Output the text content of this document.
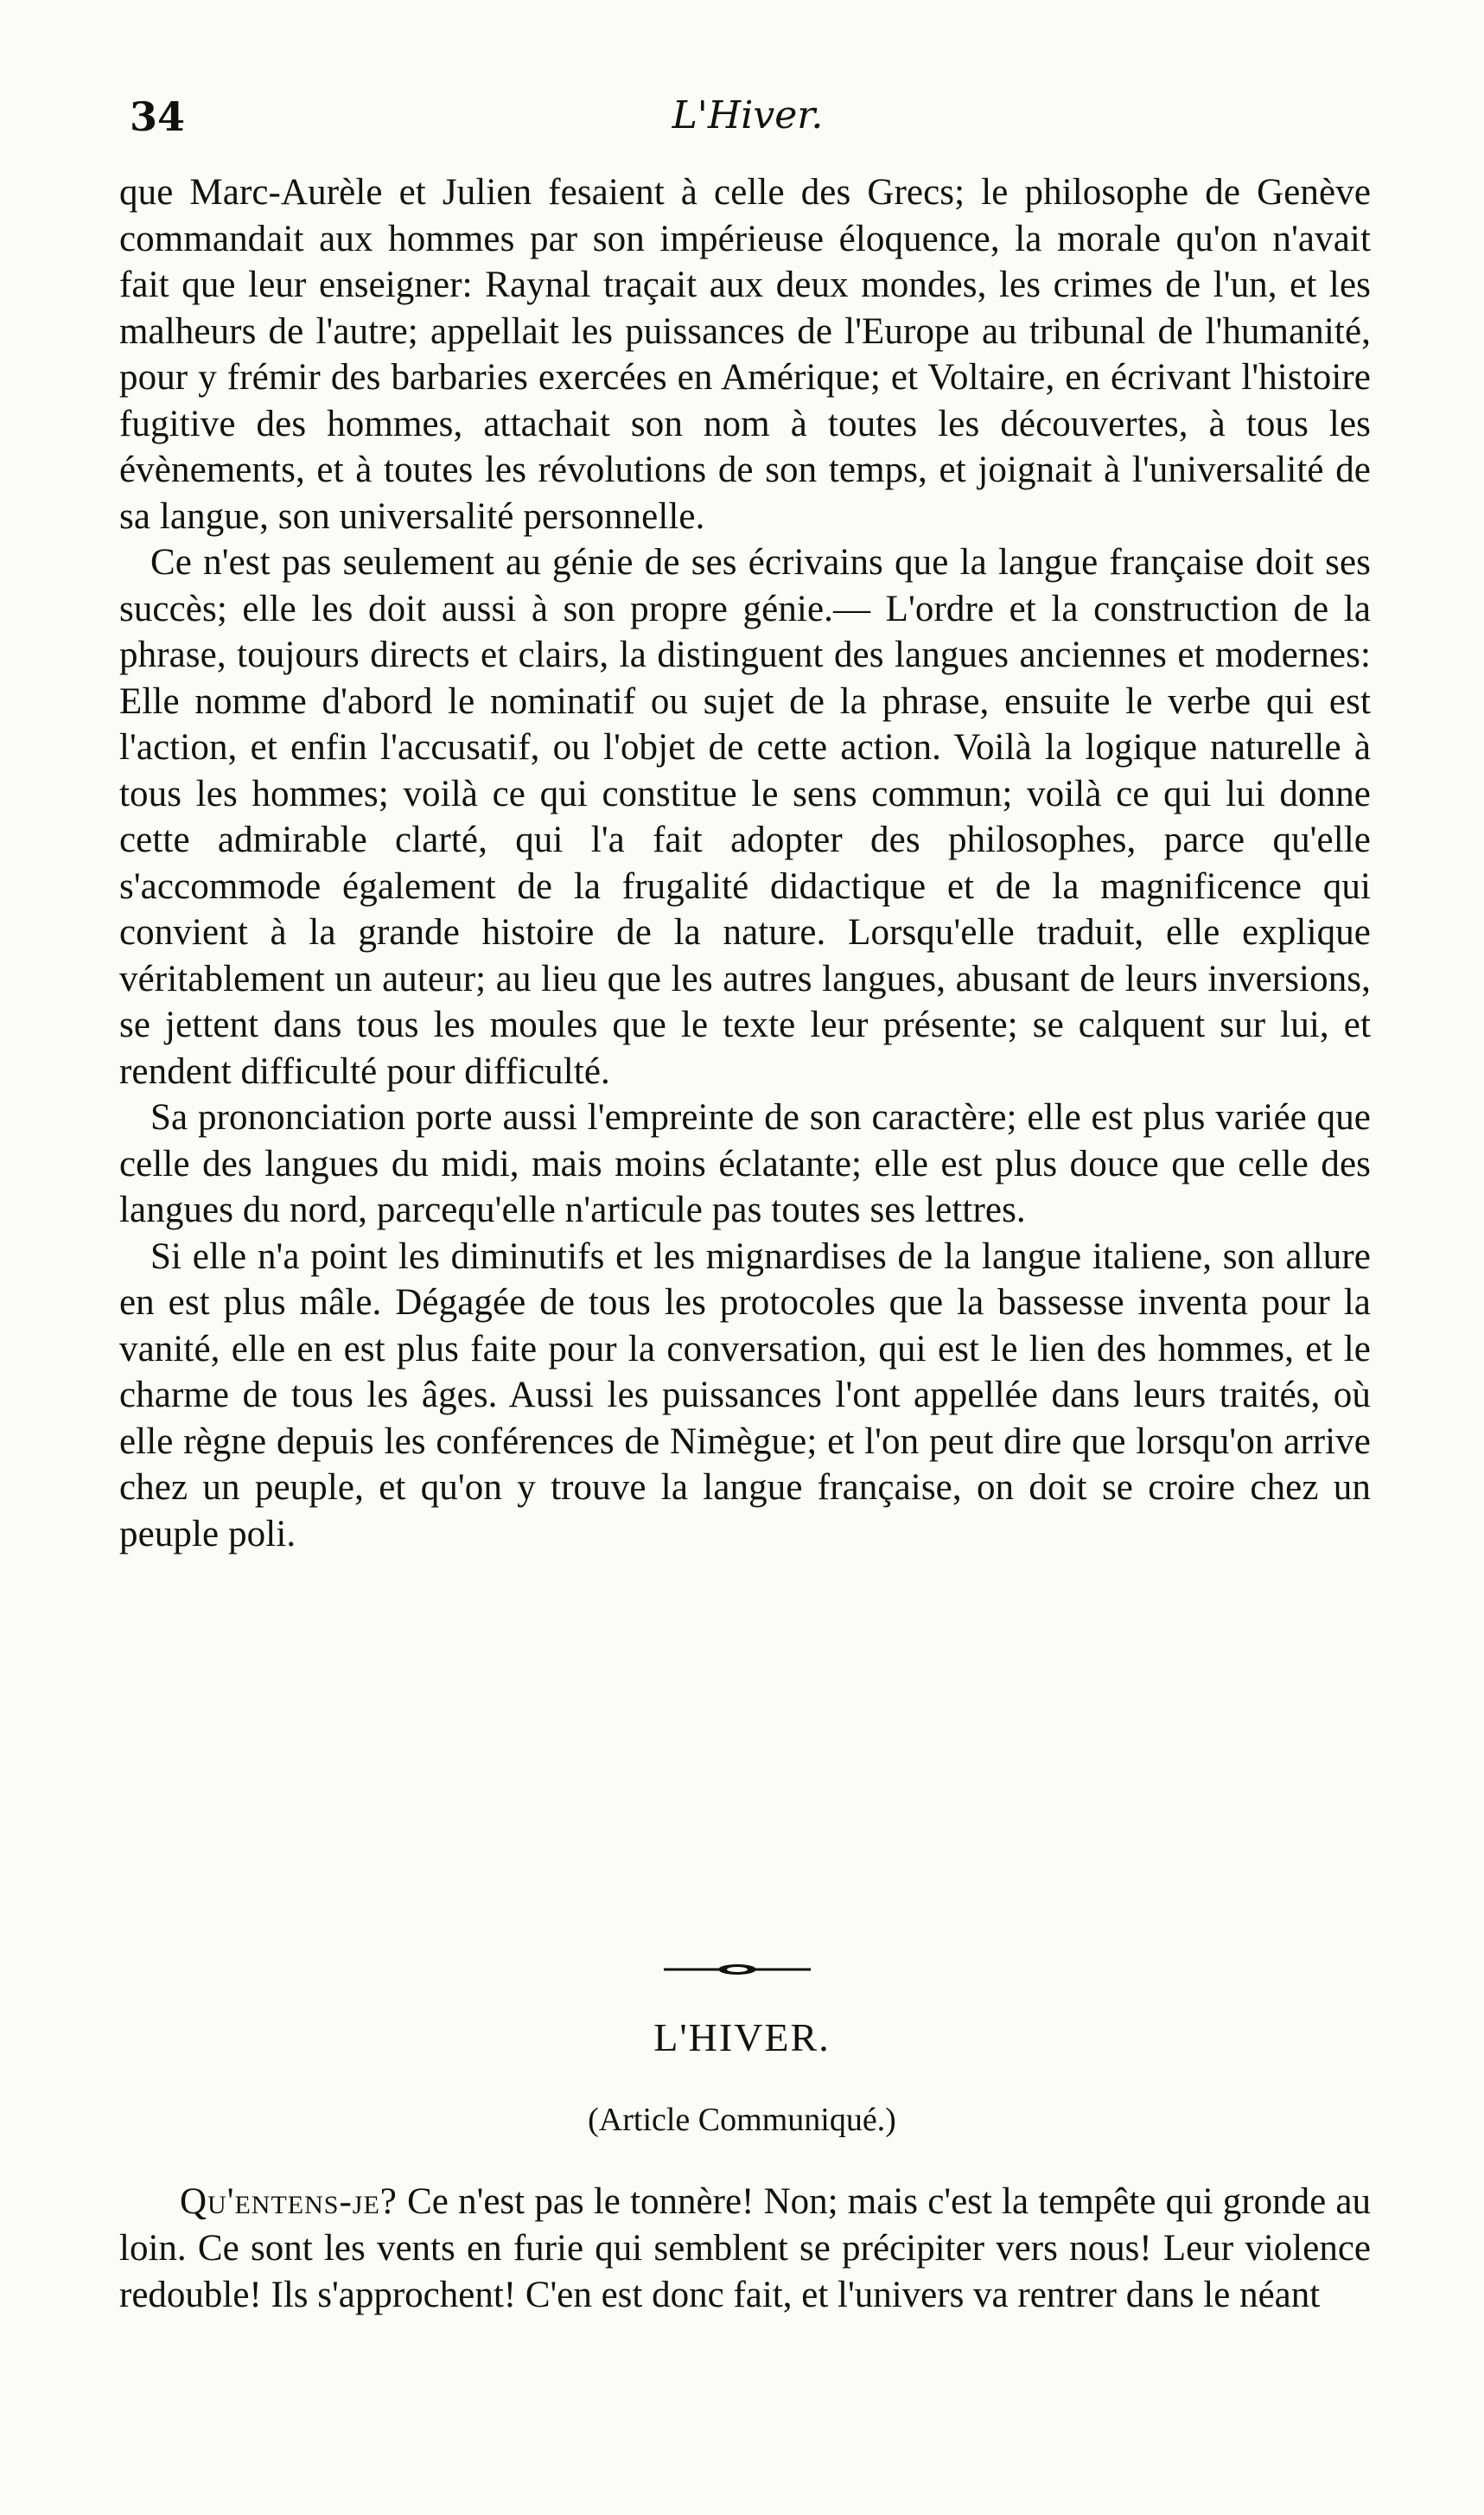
34	L'Hiver.

que Marc-Aurèle et Julien fesaient à celle des Grecs; le philosophe de Genève commandait aux hommes par son impérieuse éloquence, la morale qu'on n'avait fait que leur enseigner: Raynal traçait aux deux mondes, les crimes de l'un, et les malheurs de l'autre; appellait les puissances de l'Europe au tribunal de l'humanité, pour y frémir des barbaries exercées en Amérique; et Voltaire, en écrivant l'histoire fugitive des hommes, attachait son nom à toutes les découvertes, à tous les évènements, et à toutes les révolutions de son temps, et joignait à l'universalité de sa langue, son universalité personnelle.

Ce n'est pas seulement au génie de ses écrivains que la langue française doit ses succès; elle les doit aussi à son propre génie.— L'ordre et la construction de la phrase, toujours directs et clairs, la distinguent des langues anciennes et modernes: Elle nomme d'abord le nominatif ou sujet de la phrase, ensuite le verbe qui est l'action, et enfin l'accusatif, ou l'objet de cette action. Voilà la logique naturelle à tous les hommes; voilà ce qui constitue le sens commun; voilà ce qui lui donne cette admirable clarté, qui l'a fait adopter des philosophes, parce qu'elle s'accommode également de la frugalité didactique et de la magnificence qui convient à la grande histoire de la nature. Lorsqu'elle traduit, elle explique véritablement un auteur; au lieu que les autres langues, abusant de leurs inversions, se jettent dans tous les moules que le texte leur présente; se calquent sur lui, et rendent difficulté pour difficulté.

Sa prononciation porte aussi l'empreinte de son caractère; elle est plus variée que celle des langues du midi, mais moins éclatante; elle est plus douce que celle des langues du nord, parcequ'elle n'articule pas toutes ses lettres.

Si elle n'a point les diminutifs et les mignardises de la langue italiene, son allure en est plus mâle. Dégagée de tous les protocoles que la bassesse inventa pour la vanité, elle en est plus faite pour la conversation, qui est le lien des hommes, et le charme de tous les âges. Aussi les puissances l'ont appellée dans leurs traités, où elle règne depuis les conférences de Nimègue; et l'on peut dire que lorsqu'on arrive chez un peuple, et qu'on y trouve la langue française, on doit se croire chez un peuple poli.

L'HIVER.
(Article Communiqué.)
Qu'entens-je? Ce n'est pas le tonnère! Non; mais c'est la tempête qui gronde au loin. Ce sont les vents en furie qui semblent se précipiter vers nous! Leur violence redouble! Ils s'approchent! C'en est donc fait, et l'univers va rentrer dans le néant
